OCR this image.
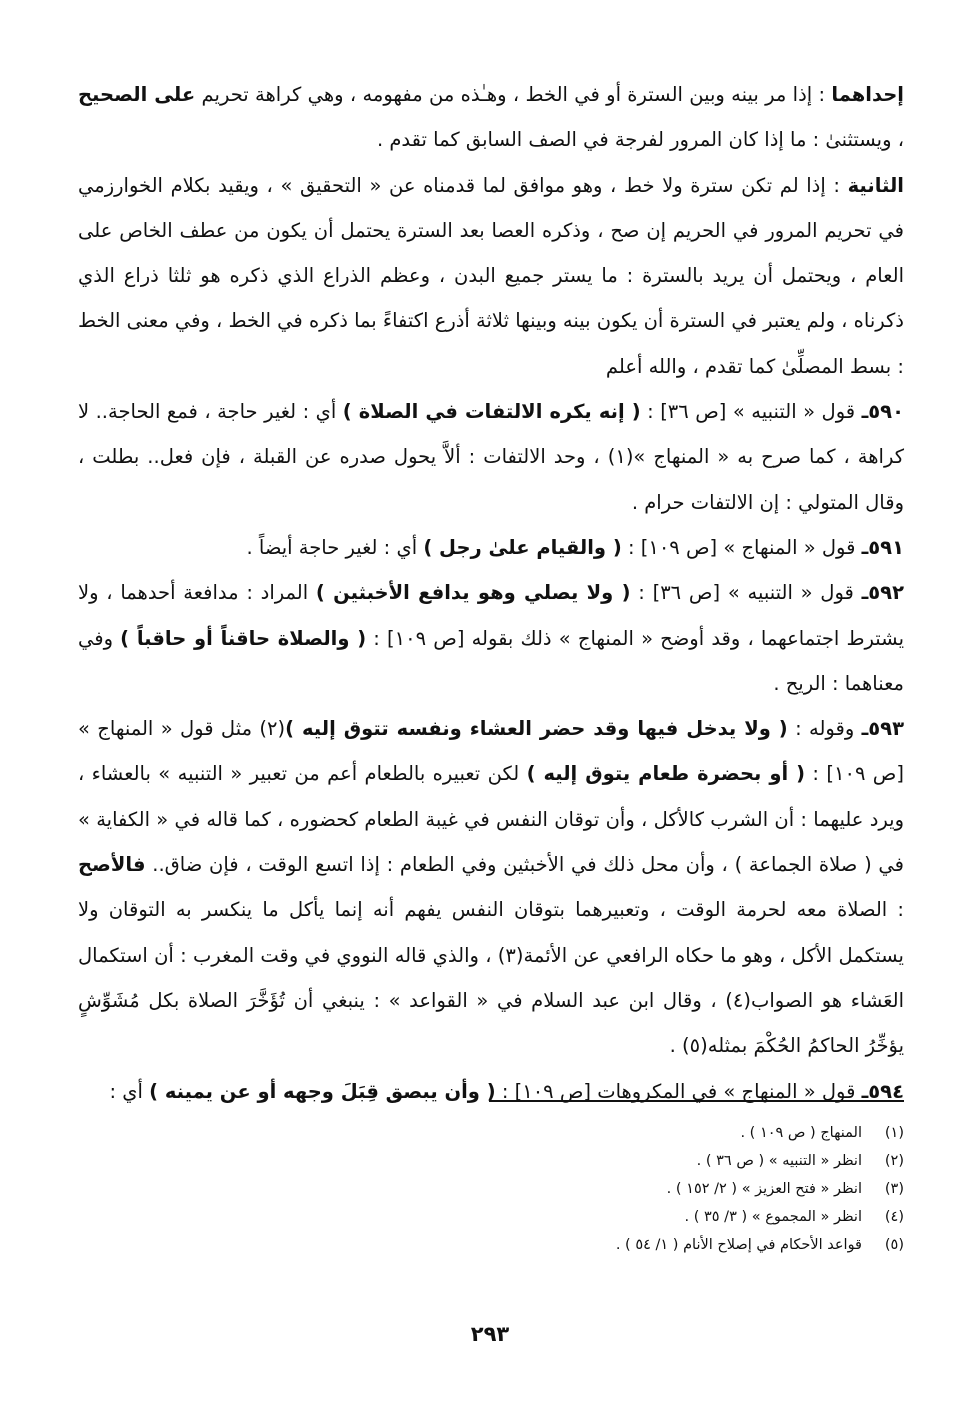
إحداهما : إذا مر بينه وبين السترة أو في الخط ، وهـٰذه من مفهومه ، وهي كراهة تحريم على الصحيح ، ويستثنىٰ : ما إذا كان المرور لفرجة في الصف السابق كما تقدم .

الثانية : إذا لم تكن سترة ولا خط ، وهو موافق لما قدمناه عن « التحقيق » ، ويقيد بكلام الخوارزمي في تحريم المرور في الحريم إن صح ، وذكره العصا بعد السترة يحتمل أن يكون من عطف الخاص على العام ، ويحتمل أن يريد بالسترة : ما يستر جميع البدن ، وعظم الذراع الذي ذكره هو ثلثا ذراع الذي ذكرناه ، ولم يعتبر في السترة أن يكون بينه وبينها ثلاثة أذرع اكتفاءً بما ذكره في الخط ، وفي معنى الخط : بسط المصلِّىٰ كما تقدم ، والله أعلم

٥٩٠ـ قول « التنبيه » [ص ٣٦] : ( إنه يكره الالتفات في الصلاة ) أي : لغير حاجة ، فمع الحاجة.. لا كراهة ، كما صرح به « المنهاج »(١) ، وحد الالتفات : ألاَّ يحول صدره عن القبلة ، فإن فعل.. بطلت ، وقال المتولي : إن الالتفات حرام .

٥٩١ـ قول « المنهاج » [ص ١٠٩] : ( والقيام علىٰ رجل ) أي : لغير حاجة أيضاً .

٥٩٢ـ قول « التنبيه » [ص ٣٦] : ( ولا يصلي وهو يدافع الأخبثين ) المراد : مدافعة أحدهما ، ولا يشترط اجتماعهما ، وقد أوضح « المنهاج » ذلك بقوله [ص ١٠٩] : ( والصلاة حاقناً أو حاقباً ) وفي معناهما : الريح .

٥٩٣ـ وقوله : ( ولا يدخل فيها وقد حضر العشاء ونفسه تتوق إليه )(٢) مثل قول « المنهاج » [ص ١٠٩] : ( أو بحضرة طعام يتوق إليه ) لكن تعبيره بالطعام أعم من تعبير « التنبيه » بالعشاء ، ويرد عليهما : أن الشرب كالأكل ، وأن توقان النفس في غيبة الطعام كحضوره ، كما قاله في « الكفاية » في ( صلاة الجماعة ) ، وأن محل ذلك في الأخبثين وفي الطعام : إذا اتسع الوقت ، فإن ضاق.. فالأصح : الصلاة معه لحرمة الوقت ، وتعبيرهما بتوقان النفس يفهم أنه إنما يأكل ما ينكسر به التوقان ولا يستكمل الأكل ، وهو ما حكاه الرافعي عن الأئمة(٣) ، والذي قاله النووي في وقت المغرب : أن استكمال العَشاء هو الصواب(٤) ، وقال ابن عبد السلام في « القواعد » : ينبغي أن تُؤَخَّرَ الصلاة بكل مُشَوِّشٍ يؤخِّرُ الحاكمُ الحُكْمَ بمثله(٥) .

٥٩٤ـ قول « المنهاج » في المكروهات [ص ١٠٩] : ( وأن يبصق قِبَلَ وجهه أو عن يمينه ) أي :

(١)
المنهاج ( ص ١٠٩ ) .
(٢)
انظر « التنبيه » ( ص ٣٦ ) .
(٣)
انظر « فتح العزيز » ( ٢/ ١٥٢ ) .
(٤)
انظر « المجموع » ( ٣/ ٣٥ ) .
(٥)
قواعد الأحكام في إصلاح الأنام ( ١/ ٥٤ ) .
٢٩٣
